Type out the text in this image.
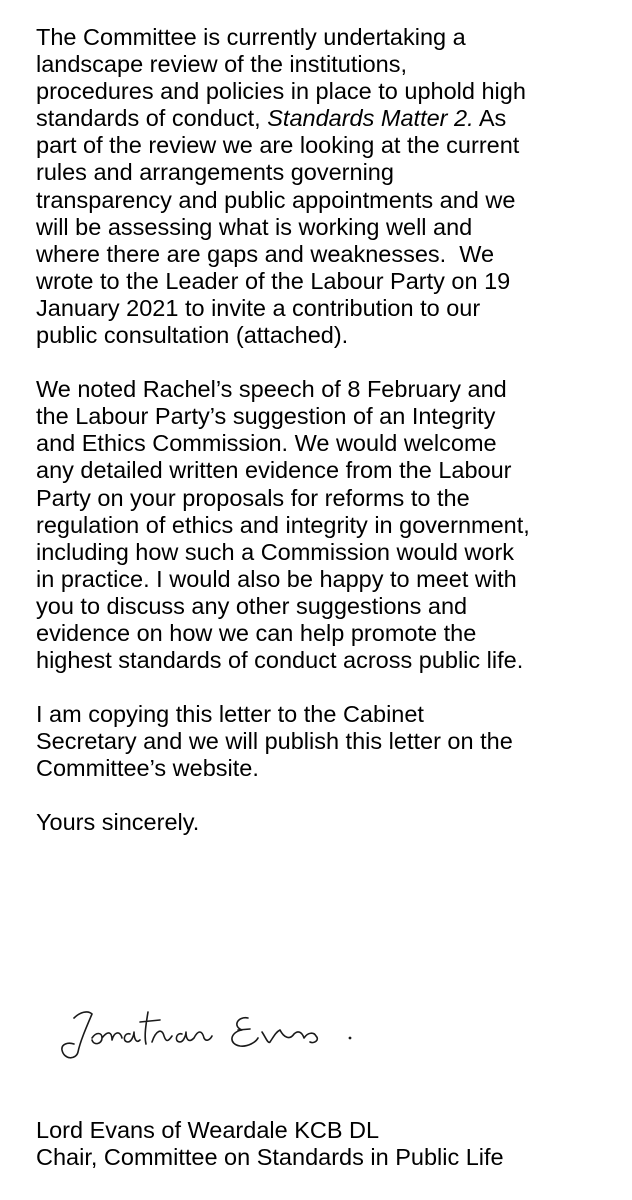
The Committee is currently undertaking a
landscape review of the institutions,
procedures and policies in place to uphold high
standards of conduct, Standards Matter 2. As
part of the review we are looking at the current
rules and arrangements governing
transparency and public appointments and we
will be assessing what is working well and
where there are gaps and weaknesses.  We
wrote to the Leader of the Labour Party on 19
January 2021 to invite a contribution to our
public consultation (attached).

We noted Rachel’s speech of 8 February and
the Labour Party’s suggestion of an Integrity
and Ethics Commission. We would welcome
any detailed written evidence from the Labour
Party on your proposals for reforms to the
regulation of ethics and integrity in government,
including how such a Commission would work
in practice. I would also be happy to meet with
you to discuss any other suggestions and
evidence on how we can help promote the
highest standards of conduct across public life.

I am copying this letter to the Cabinet
Secretary and we will publish this letter on the
Committee’s website.

Yours sincerely.

Jonathan Evans
Lord Evans of Weardale KCB DL
Chair, Committee on Standards in Public Life
